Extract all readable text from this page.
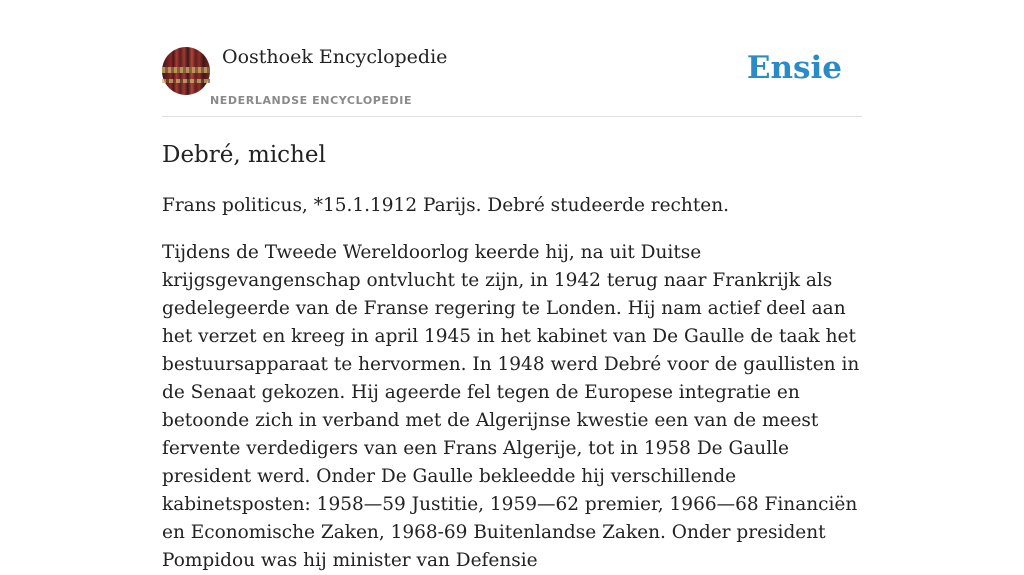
Oosthoek Encyclopedie
NEDERLANDSE ENCYCLOPEDIE
Ensie
Debré, michel

Frans politicus, *15.1.1912 Parijs. Debré studeerde rechten.

Tijdens de Tweede Wereldoorlog keerde hij, na uit Duitse krijgsgevangenschap ontvlucht te zijn, in 1942 terug naar Frankrijk als gedelegeerde van de Franse regering te Londen. Hij nam actief deel aan het verzet en kreeg in april 1945 in het kabinet van De Gaulle de taak het bestuursapparaat te hervormen. In 1948 werd Debré voor de gaullisten in de Senaat gekozen. Hij ageerde fel tegen de Europese integratie en betoonde zich in verband met de Algerijnse kwestie een van de meest fervente verdedigers van een Frans Algerije, tot in 1958 De Gaulle president werd. Onder De Gaulle bekleedde hij verschillende kabinetsposten: 1958—59 Justitie, 1959—62 premier, 1966—68 Financiën en Economische Zaken, 1968-69 Buitenlandse Zaken. Onder president Pompidou was hij minister van Defensie
